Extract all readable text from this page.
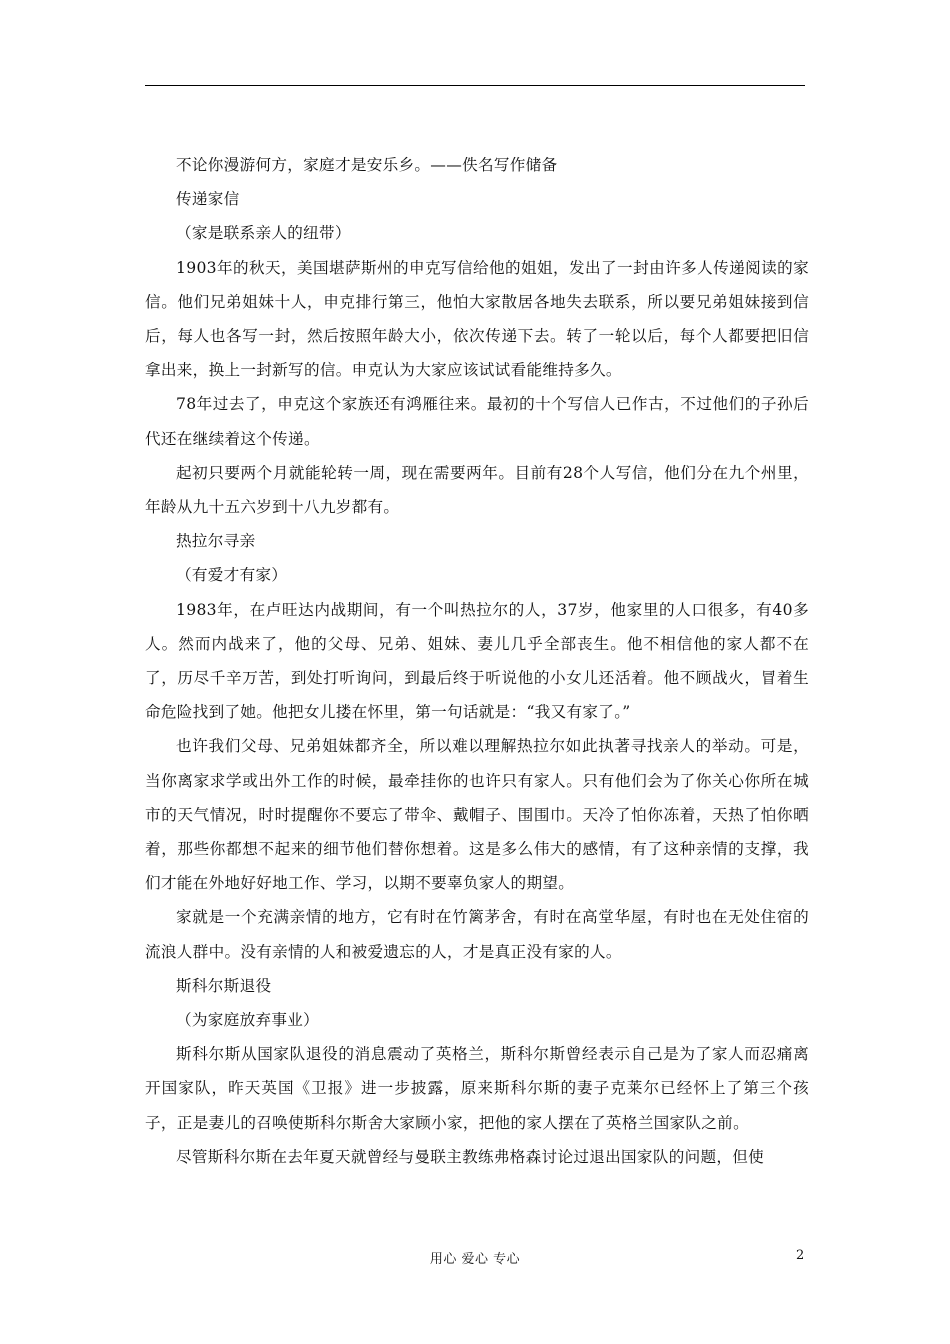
不论你漫游何方，家庭才是安乐乡。——佚名写作储备

传递家信

（家是联系亲人的纽带）

1903年的秋天，美国堪萨斯州的申克写信给他的姐姐，发出了一封由许多人传递阅读的家信。他们兄弟姐妹十人，申克排行第三，他怕大家散居各地失去联系，所以要兄弟姐妹接到信后，每人也各写一封，然后按照年龄大小，依次传递下去。转了一轮以后，每个人都要把旧信拿出来，换上一封新写的信。申克认为大家应该试试看能维持多久。

78年过去了，申克这个家族还有鸿雁往来。最初的十个写信人已作古，不过他们的子孙后代还在继续着这个传递。

起初只要两个月就能轮转一周，现在需要两年。目前有28个人写信，他们分在九个州里，年龄从九十五六岁到十八九岁都有。

热拉尔寻亲

（有爱才有家）

1983年，在卢旺达内战期间，有一个叫热拉尔的人，37岁，他家里的人口很多，有40多人。然而内战来了，他的父母、兄弟、姐妹、妻儿几乎全部丧生。他不相信他的家人都不在了，历尽千辛万苦，到处打听询问，到最后终于听说他的小女儿还活着。他不顾战火，冒着生命危险找到了她。他把女儿搂在怀里，第一句话就是：“我又有家了。”

也许我们父母、兄弟姐妹都齐全，所以难以理解热拉尔如此执著寻找亲人的举动。可是，当你离家求学或出外工作的时候，最牵挂你的也许只有家人。只有他们会为了你关心你所在城市的天气情况，时时提醒你不要忘了带伞、戴帽子、围围巾。天冷了怕你冻着，天热了怕你晒着，那些你都想不起来的细节他们替你想着。这是多么伟大的感情，有了这种亲情的支撑，我们才能在外地好好地工作、学习，以期不要辜负家人的期望。

家就是一个充满亲情的地方，它有时在竹篱茅舍，有时在高堂华屋，有时也在无处住宿的流浪人群中。没有亲情的人和被爱遗忘的人，才是真正没有家的人。

斯科尔斯退役

（为家庭放弃事业）

斯科尔斯从国家队退役的消息震动了英格兰，斯科尔斯曾经表示自己是为了家人而忍痛离开国家队，昨天英国《卫报》进一步披露，原来斯科尔斯的妻子克莱尔已经怀上了第三个孩子，正是妻儿的召唤使斯科尔斯舍大家顾小家，把他的家人摆在了英格兰国家队之前。

尽管斯科尔斯在去年夏天就曾经与曼联主教练弗格森讨论过退出国家队的问题，但使

用心 爱心 专心	2
